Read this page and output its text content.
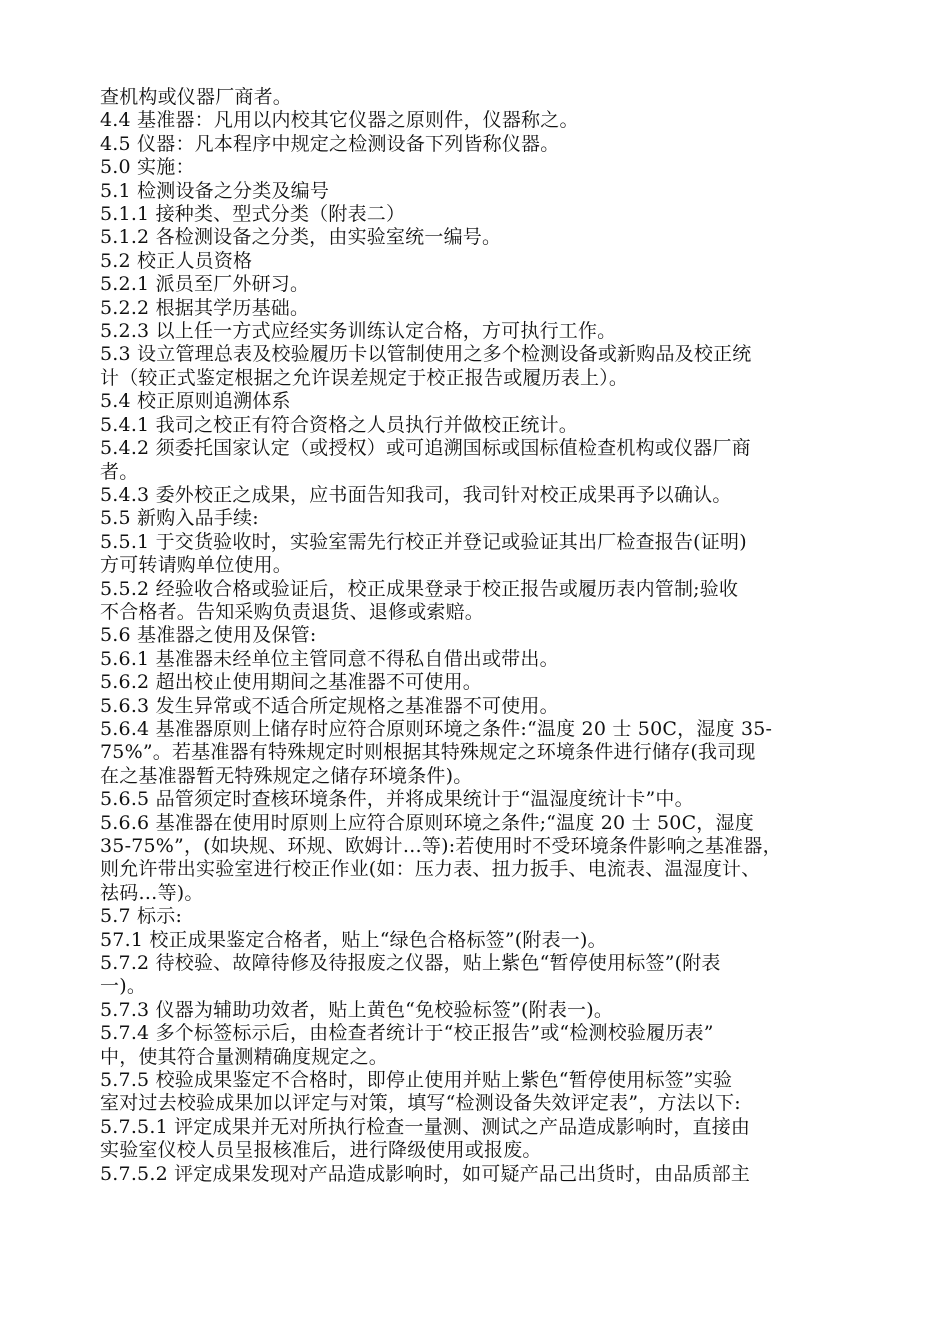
查机构或仪器厂商者。
4.4 基准器：凡用以内校其它仪器之原则件，仪器称之。
4.5 仪器：凡本程序中规定之检测设备下列皆称仪器。
5.0 实施：
5.1 检测设备之分类及编号
5.1.1 接种类、型式分类（附表二）
5.1.2 各检测设备之分类，由实验室统一编号。
5.2 校正人员资格
5.2.1 派员至厂外研习。
5.2.2 根据其学历基础。
5.2.3 以上任一方式应经实务训练认定合格，方可执行工作。
5.3 设立管理总表及校验履历卡以管制使用之多个检测设备或新购品及校正统
计（较正式鉴定根据之允许误差规定于校正报告或履历表上）。
5.4 校正原则追溯体系
5.4.1 我司之校正有符合资格之人员执行并做校正统计。
5.4.2 须委托国家认定（或授权）或可追溯国标或国标值检查机构或仪器厂商
者。
5.4.3 委外校正之成果，应书面告知我司，我司针对校正成果再予以确认。
5.5 新购入品手续:
5.5.1 于交货验收时，实验室需先行校正并登记或验证其出厂检查报告(证明)
方可转请购单位使用。
5.5.2 经验收合格或验证后，校正成果登录于校正报告或履历表内管制;验收
不合格者。告知采购负责退货、退修或索赔。
5.6 基准器之使用及保管:
5.6.1 基准器未经单位主管同意不得私自借出或带出。
5.6.2 超出校止使用期间之基准器不可使用。
5.6.3 发生异常或不适合所定规格之基准器不可使用。
5.6.4 基准器原则上储存时应符合原则环境之条件:“温度 20 士 50C，湿度 35-
75%”。若基准器有特殊规定时则根据其特殊规定之环境条件进行储存(我司现
在之基准器暂无特殊规定之储存环境条件)。
5.6.5 品管须定时查核环境条件，并将成果统计于“温湿度统计卡”中。
5.6.6 基准器在使用时原则上应符合原则环境之条件;“温度 20 士 50C，湿度
35-75%”，(如块规、环规、欧姆计…等):若使用时不受环境条件影响之基准器，
则允许带出实验室进行校正作业(如：压力表、扭力扳手、电流表、温湿度计、
祛码…等)。
5.7 标示:
57.1 校正成果鉴定合格者，贴上“绿色合格标签”(附表一)。
5.7.2 待校验、故障待修及待报废之仪器，贴上紫色“暂停使用标签”(附表
一)。
5.7.3 仪器为辅助功效者，贴上黄色“免校验标签”(附表一)。
5.7.4 多个标签标示后，由检查者统计于“校正报告”或“检测校验履历表”
中，使其符合量测精确度规定之。
5.7.5 校验成果鉴定不合格时，即停止使用并贴上紫色“暂停使用标签”实验
室对过去校验成果加以评定与对策，填写“检测设备失效评定表”，方法以下:
5.7.5.1 评定成果并无对所执行检查一量测、测试之产品造成影响时，直接由
实验室仪校人员呈报核准后，进行降级使用或报废。
5.7.5.2 评定成果发现对产品造成影响时，如可疑产品己出货时，由品质部主
